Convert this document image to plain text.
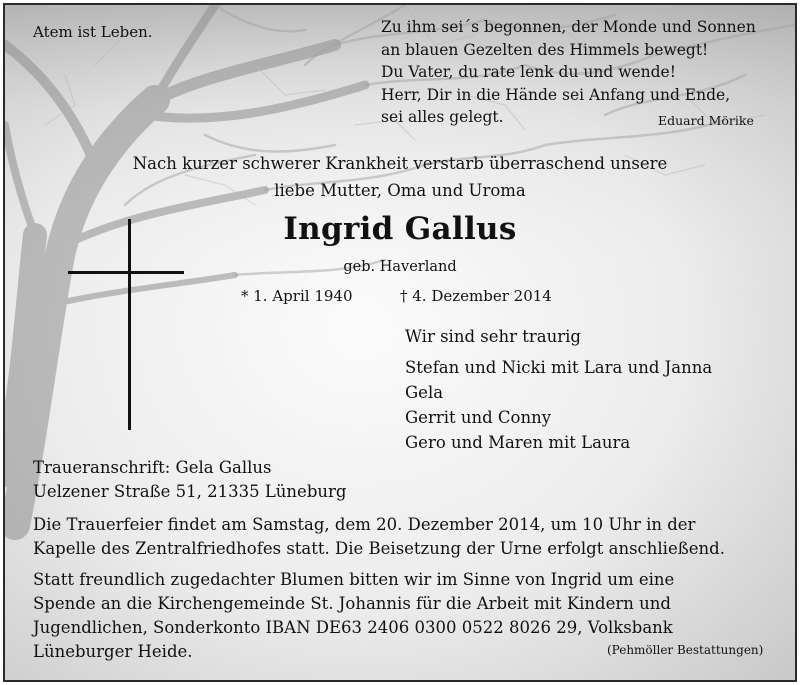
Atem ist Leben.	Zu ihm sei´s begonnen, der Monde und Sonnen
an blauen Gezelten des Himmels bewegt!
Du Vater, du rate lenk du und wende!
Herr, Dir in die Hände sei Anfang und Ende,
sei alles gelegt.	Eduard Mörike
Nach kurzer schwerer Krankheit verstarb überraschend unsere
liebe Mutter, Oma und Uroma
Ingrid Gallus
geb. Haverland
* 1. April 1940	† 4. Dezember 2014
Wir sind sehr traurig
Stefan und Nicki mit Lara und Janna
Gela
Gerrit und Conny
Gero und Maren mit Laura
Traueranschrift: Gela Gallus
Uelzener Straße 51, 21335 Lüneburg
Die Trauerfeier findet am Samstag, dem 20. Dezember 2014, um 10 Uhr in der
Kapelle des Zentralfriedhofes statt. Die Beisetzung der Urne erfolgt anschließend.
Statt freundlich zugedachter Blumen bitten wir im Sinne von Ingrid um eine
Spende an die Kirchengemeinde St. Johannis für die Arbeit mit Kindern und
Jugendlichen, Sonderkonto IBAN DE63 2406 0300 0522 8026 29, Volksbank
Lüneburger Heide.	(Pehmöller Bestattungen)
